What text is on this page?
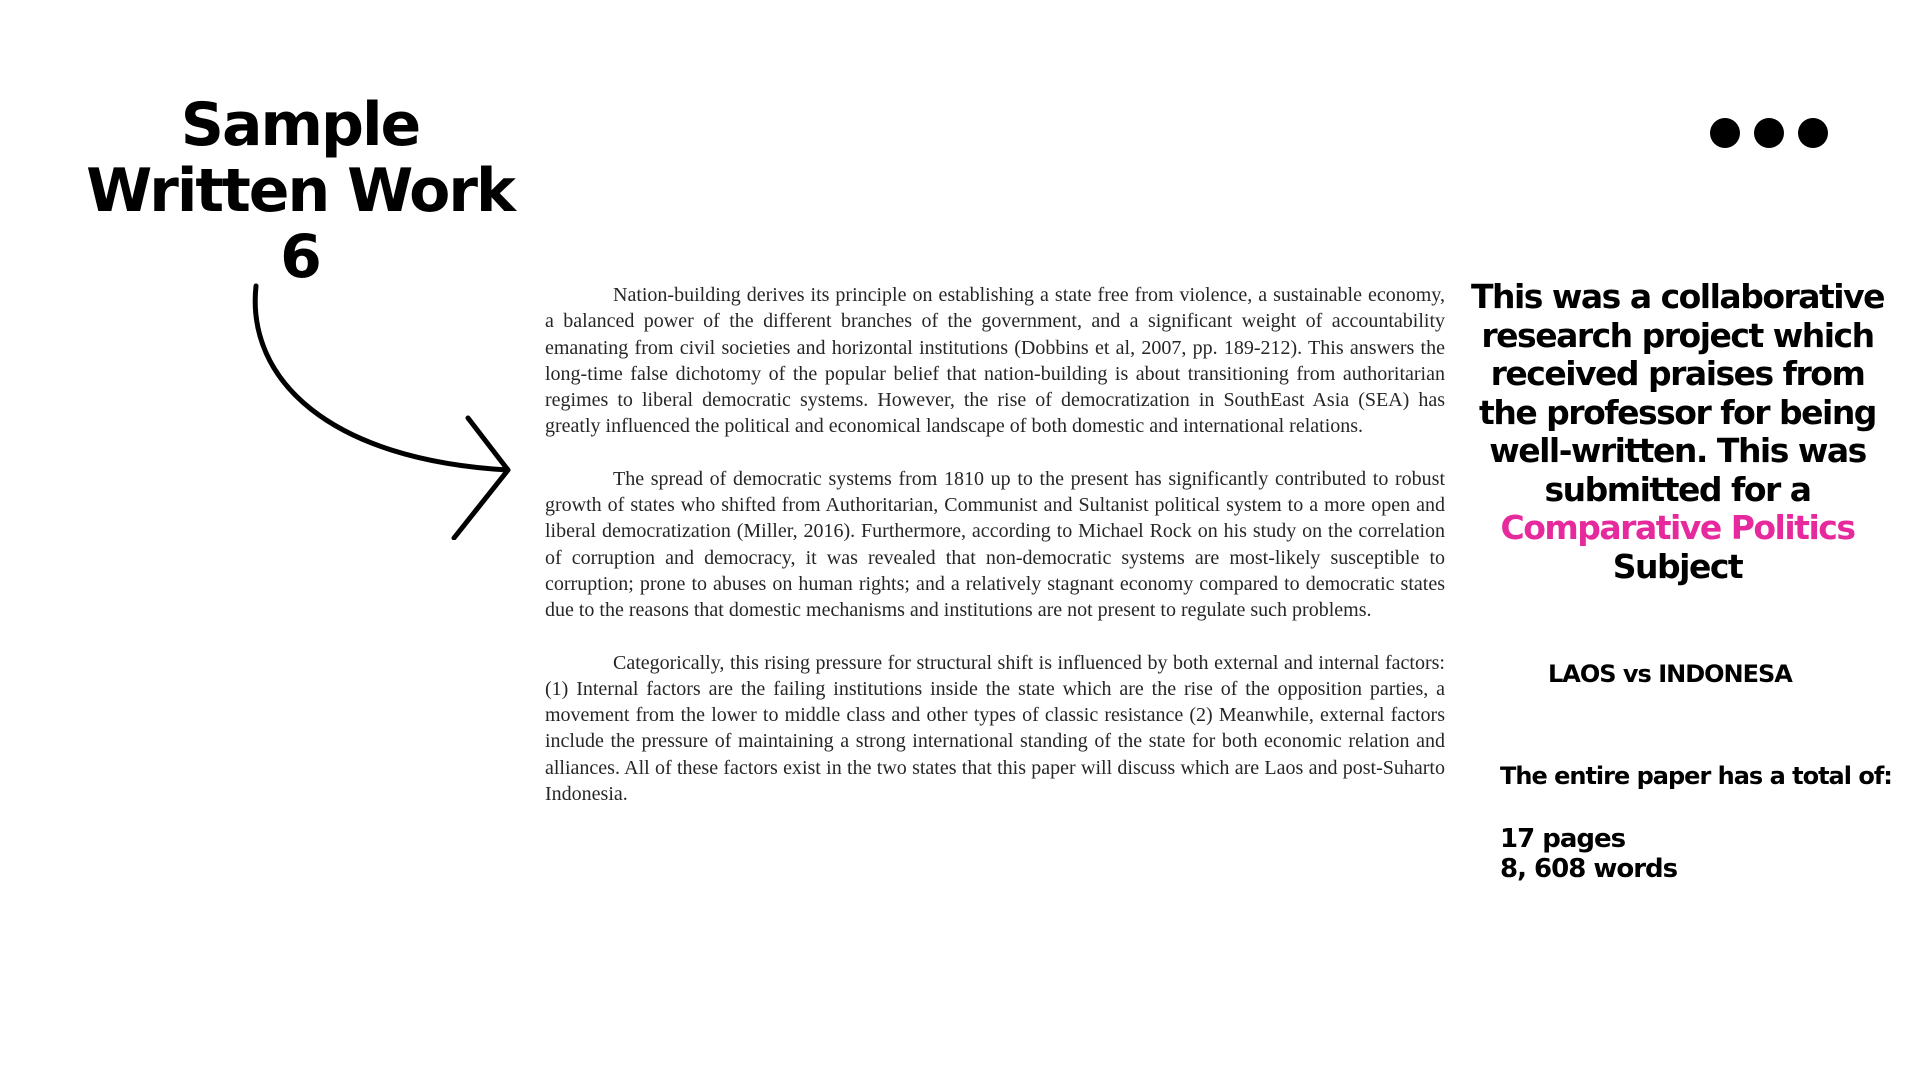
Sample Written Work 6

Nation-building derives its principle on establishing a state free from violence, a sustainable economy, a balanced power of the different branches of the government, and a significant weight of accountability emanating from civil societies and horizontal institutions (Dobbins et al, 2007, pp. 189-212). This answers the long-time false dichotomy of the popular belief that nation-building is about transitioning from authoritarian regimes to liberal democratic systems. However, the rise of democratization in SouthEast Asia (SEA) has greatly influenced the political and economical landscape of both domestic and international relations.

The spread of democratic systems from 1810 up to the present has significantly contributed to robust growth of states who shifted from Authoritarian, Communist and Sultanist political system to a more open and liberal democratization (Miller, 2016). Furthermore, according to Michael Rock on his study on the correlation of corruption and democracy, it was revealed that non-democratic systems are most-likely susceptible to corruption; prone to abuses on human rights; and a relatively stagnant economy compared to democratic states due to the reasons that domestic mechanisms and institutions are not present to regulate such problems.

Categorically, this rising pressure for structural shift is influenced by both external and internal factors: (1) Internal factors are the failing institutions inside the state which are the rise of the opposition parties, a movement from the lower to middle class and other types of classic resistance (2) Meanwhile, external factors include the pressure of maintaining a strong international standing of the state for both economic relation and alliances. All of these factors exist in the two states that this paper will discuss which are Laos and post-Suharto Indonesia.

This was a collaborative research project which received praises from the professor for being well-written. This was submitted for a Comparative Politics Subject
LAOS vs INDONESA
The entire paper has a total of:
17 pages
8, 608 words
